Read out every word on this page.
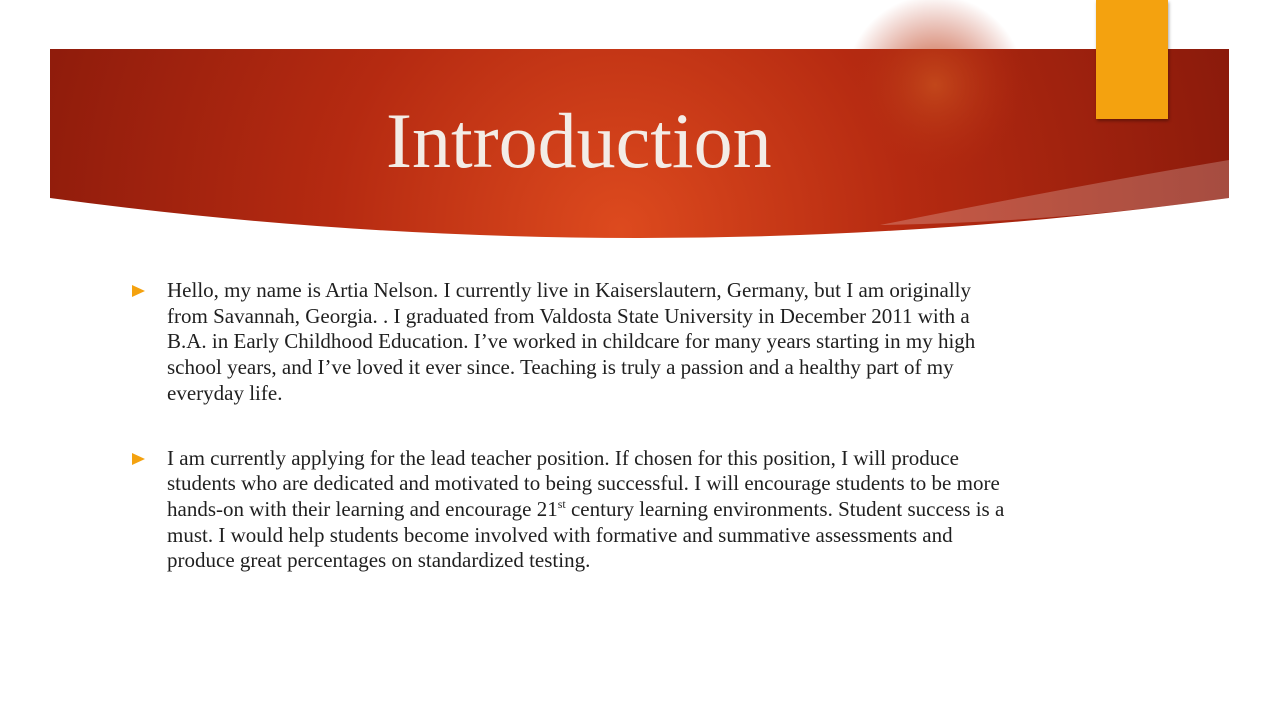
Introduction
Hello, my name is Artia Nelson. I currently live in Kaiserslautern, Germany, but I am originally from Savannah, Georgia. . I graduated from Valdosta State University in December 2011 with a B.A. in Early Childhood Education. I’ve worked in childcare for many years starting in my high school years, and I’ve loved it ever since. Teaching is truly a passion and a healthy part of my everyday life.
I am currently applying for the lead teacher position. If chosen for this position, I will produce students who are dedicated and motivated to being successful. I will encourage students to be more hands-on with their learning and encourage 21st century learning environments. Student success is a must. I would help students become involved with formative and summative assessments and produce great percentages on standardized testing.
